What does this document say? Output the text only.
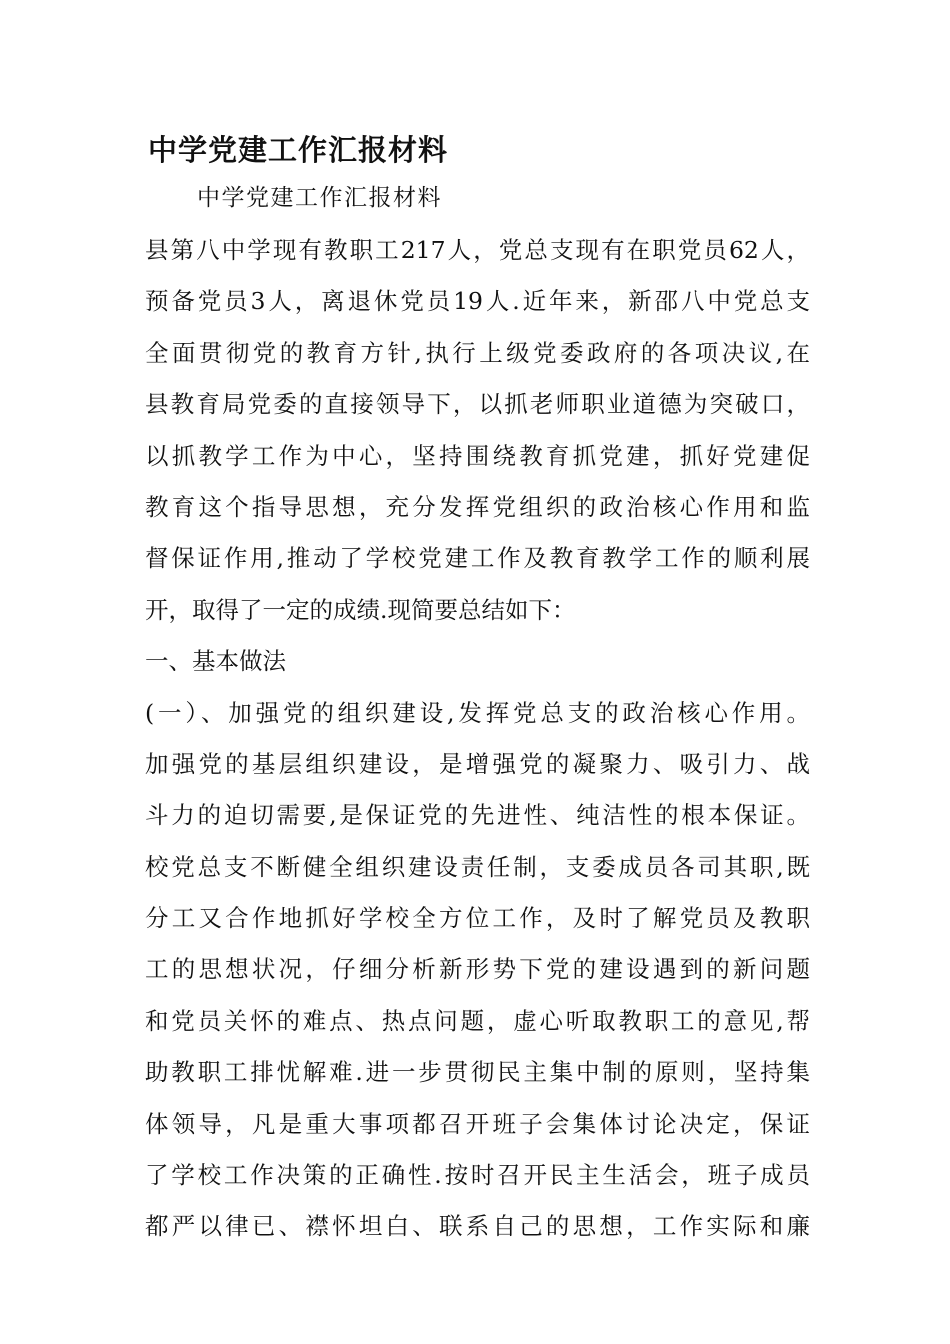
中学党建工作汇报材料
中学党建工作汇报材料
县第八中学现有教职工217人，党总支现有在职党员62人，
预备党员3人，离退休党员19人.近年来，新邵八中党总支
全面贯彻党的教育方针,执行上级党委政府的各项决议,在
县教育局党委的直接领导下，以抓老师职业道德为突破口，
以抓教学工作为中心，坚持围绕教育抓党建，抓好党建促
教育这个指导思想，充分发挥党组织的政治核心作用和监
督保证作用,推动了学校党建工作及教育教学工作的顺利展
开，取得了一定的成绩.现简要总结如下：
一、基本做法
(一）、加强党的组织建设,发挥党总支的政治核心作用。
加强党的基层组织建设，是增强党的凝聚力、吸引力、战
斗力的迫切需要,是保证党的先进性、纯洁性的根本保证。
校党总支不断健全组织建设责任制，支委成员各司其职,既
分工又合作地抓好学校全方位工作，及时了解党员及教职
工的思想状况，仔细分析新形势下党的建设遇到的新问题
和党员关怀的难点、热点问题，虚心听取教职工的意见,帮
助教职工排忧解难.进一步贯彻民主集中制的原则，坚持集
体领导，凡是重大事项都召开班子会集体讨论决定，保证
了学校工作决策的正确性.按时召开民主生活会，班子成员
都严以律已、襟怀坦白、联系自己的思想，工作实际和廉
